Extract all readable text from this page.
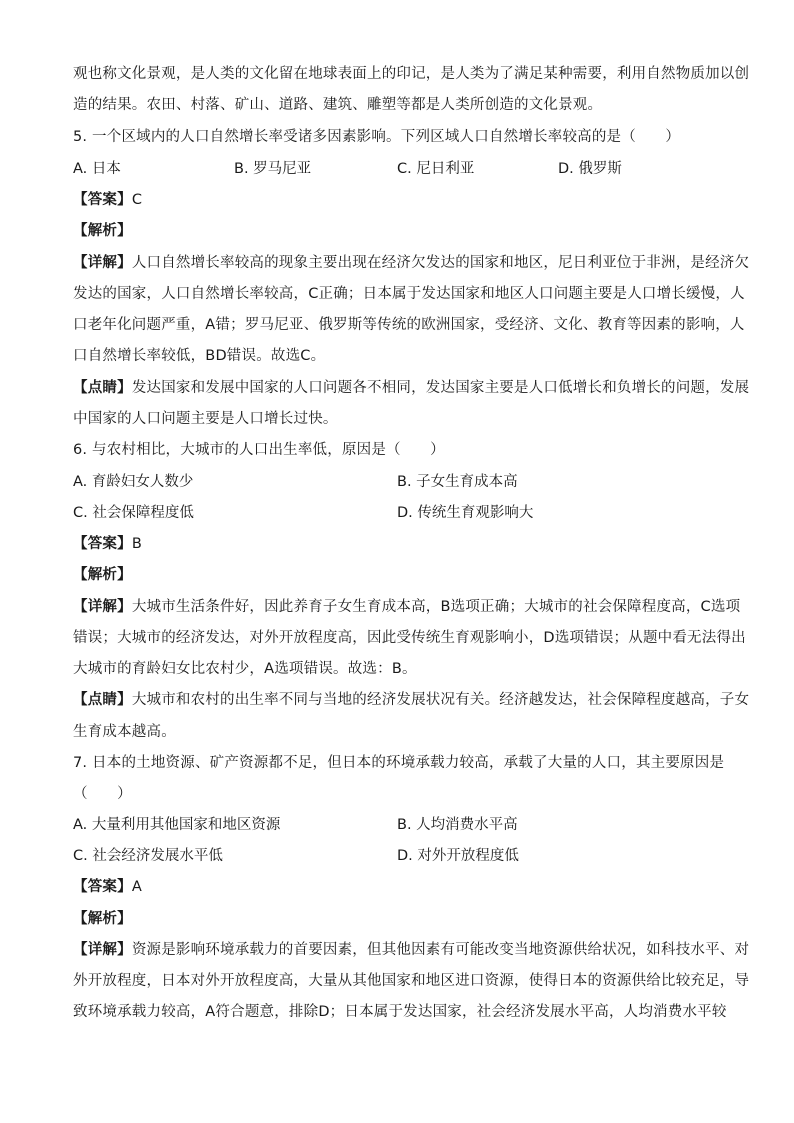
观也称文化景观，是人类的文化留在地球表面上的印记，是人类为了满足某种需要，利用自然物质加以创
造的结果。农田、村落、矿山、道路、建筑、雕塑等都是人类所创造的文化景观。
5. 一个区域内的人口自然增长率受诸多因素影响。下列区域人口自然增长率较高的是（　　）
A. 日本	B. 罗马尼亚	C. 尼日利亚	D. 俄罗斯
【答案】C
【解析】
【详解】人口自然增长率较高的现象主要出现在经济欠发达的国家和地区，尼日利亚位于非洲，是经济欠
发达的国家，人口自然增长率较高，C正确；日本属于发达国家和地区人口问题主要是人口增长缓慢，人
口老年化问题严重，A错；罗马尼亚、俄罗斯等传统的欧洲国家，受经济、文化、教育等因素的影响，人
口自然增长率较低，BD错误。故选C。
【点睛】发达国家和发展中国家的人口问题各不相同，发达国家主要是人口低增长和负增长的问题，发展
中国家的人口问题主要是人口增长过快。
6. 与农村相比，大城市的人口出生率低，原因是（　　）
A. 育龄妇女人数少	B. 子女生育成本高
C. 社会保障程度低	D. 传统生育观影响大
【答案】B
【解析】
【详解】大城市生活条件好，因此养育子女生育成本高，B选项正确；大城市的社会保障程度高，C选项
错误；大城市的经济发达，对外开放程度高，因此受传统生育观影响小，D选项错误；从题中看无法得出
大城市的育龄妇女比农村少，A选项错误。故选：B。
【点睛】大城市和农村的出生率不同与当地的经济发展状况有关。经济越发达，社会保障程度越高，子女
生育成本越高。
7. 日本的土地资源、矿产资源都不足，但日本的环境承载力较高，承载了大量的人口，其主要原因是
（　　）
A. 大量利用其他国家和地区资源	B. 人均消费水平高
C. 社会经济发展水平低	D. 对外开放程度低
【答案】A
【解析】
【详解】资源是影响环境承载力的首要因素，但其他因素有可能改变当地资源供给状况，如科技水平、对
外开放程度，日本对外开放程度高，大量从其他国家和地区进口资源，使得日本的资源供给比较充足，导
致环境承载力较高，A符合题意，排除D；日本属于发达国家，社会经济发展水平高，人均消费水平较
